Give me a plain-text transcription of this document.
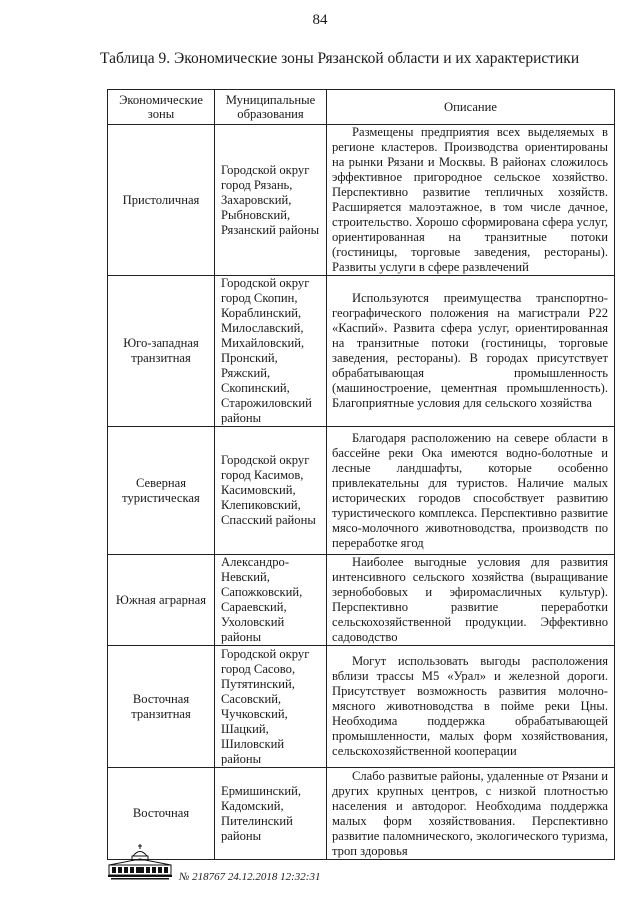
84
Таблица 9. Экономические зоны Рязанской области и их характеристики
Экономические зоны	Муниципальные образования	Описание
Пристоличная	Городской округ город Рязань, Захаровский, Рыбновский, Рязанский районы	Размещены предприятия всех выделяемых в регионе кластеров. Производства ориентированы на рынки Рязани и Москвы. В районах сложилось эффективное пригородное сельское хозяйство. Перспективно развитие тепличных хозяйств. Расширяется малоэтажное, в том числе дачное, строительство. Хорошо сформирована сфера услуг, ориентированная на транзитные потоки (гостиницы, торговые заведения, рестораны). Развиты услуги в сфере развлечений

Юго-западная транзитная	Городской округ город Скопин, Кораблинский, Милославский, Михайловский, Пронский, Ряжский, Скопинский, Старожиловский районы	Используются преимущества транспортно-географического положения на магистрали Р22 «Каспий». Развита сфера услуг, ориентированная на транзитные потоки (гостиницы, торговые заведения, рестораны). В городах присутствует обрабатывающая промышленность (машиностроение, цементная промышленность). Благоприятные условия для сельского хозяйства

Северная туристическая	Городской округ город Касимов, Касимовский, Клепиковский, Спасский районы	Благодаря расположению на севере области в бассейне реки Ока имеются водно-болотные и лесные ландшафты, которые особенно привлекательны для туристов. Наличие малых исторических городов способствует развитию туристического комплекса. Перспективно развитие мясо-молочного животноводства, производств по переработке ягод

Южная аграрная	Александро-Невский, Сапожковский, Сараевский, Ухоловский районы	Наиболее выгодные условия для развития интенсивного сельского хозяйства (выращивание зернобобовых и эфиромасличных культур). Перспективно развитие переработки сельскохозяйственной продукции. Эффективно садоводство

Восточная транзитная	Городской округ город Сасово, Путятинский, Сасовский, Чучковский, Шацкий, Шиловский районы	Могут использовать выгоды расположения вблизи трассы М5 «Урал» и железной дороги. Присутствует возможность развития молочно-мясного животноводства в пойме реки Цны. Необходима поддержка обрабатывающей промышленности, малых форм хозяйствования, сельскохозяйственной кооперации

Восточная	Ермишинский, Кадомский, Пителинский районы	Слабо развитые районы, удаленные от Рязани и других крупных центров, с низкой плотностью населения и автодорог. Необходима поддержка малых форм хозяйствования. Перспективно развитие паломнического, экологического туризма, троп здоровья
№ 218767 24.12.2018 12:32:31
